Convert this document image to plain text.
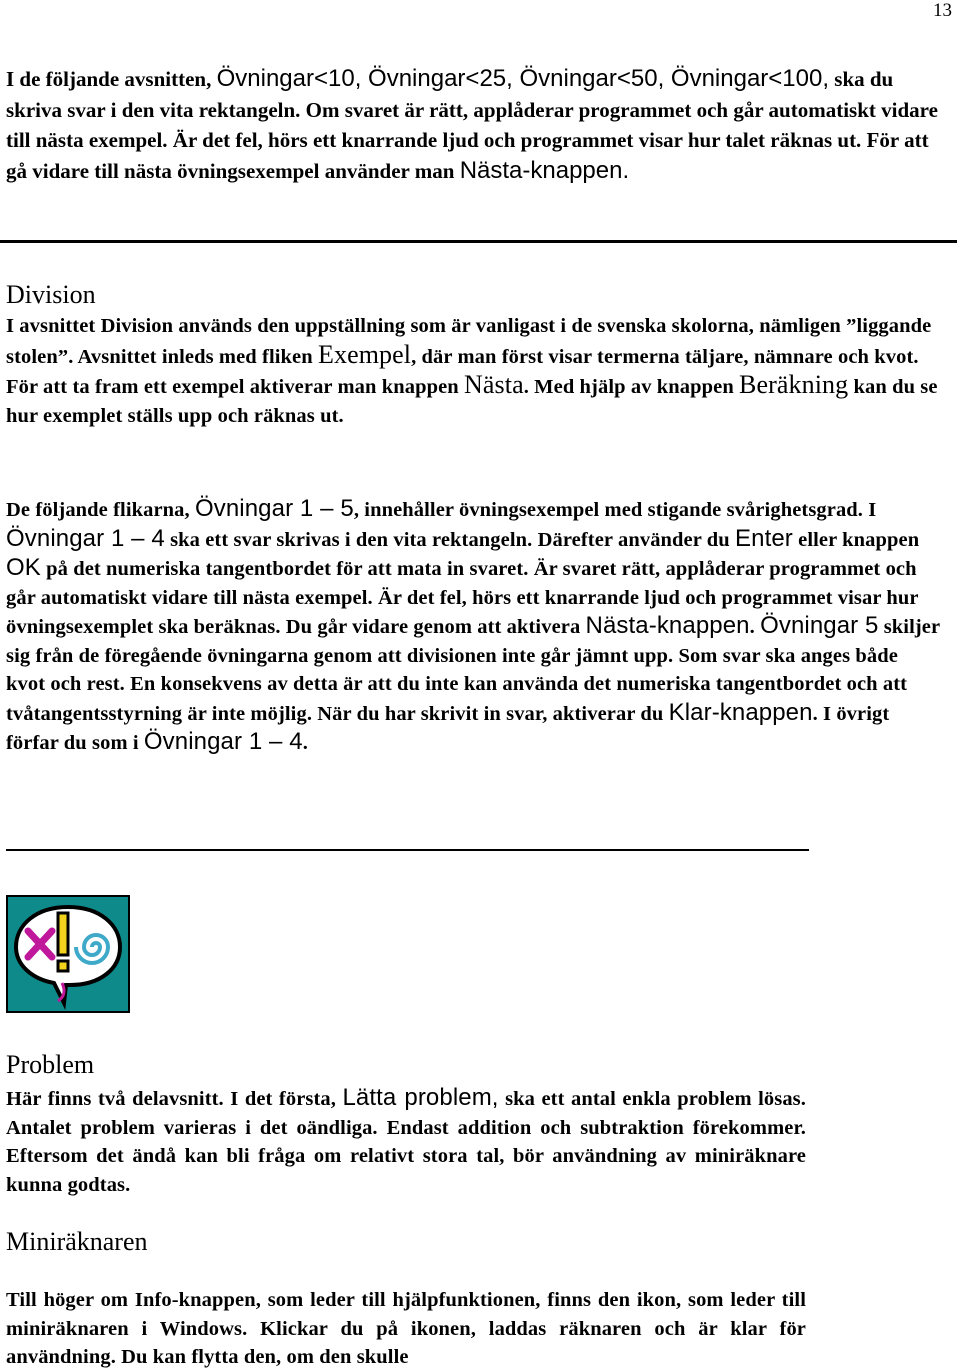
13

I de följande avsnitten, Övningar<10, Övningar<25, Övningar<50, Övningar<100, ska du skriva svar i den vita rektangeln. Om svaret är rätt, applåderar programmet och går automatiskt vidare till nästa exempel. Är det fel, hörs ett knarrande ljud och programmet visar hur talet räknas ut. För att gå vidare till nästa övningsexempel använder man Nästa-knappen.

Division

I avsnittet Division används den uppställning som är vanligast i de svenska skolorna, nämligen ”liggande stolen”. Avsnittet inleds med fliken Exempel, där man först visar termerna täljare, nämnare och kvot. För att ta fram ett exempel aktiverar man knappen Nästa. Med hjälp av knappen Beräkning kan du se hur exemplet ställs upp och räknas ut.

De följande flikarna, Övningar 1 – 5, innehåller övningsexempel med stigande svårighetsgrad. I Övningar 1 – 4 ska ett svar skrivas i den vita rektangeln. Därefter använder du Enter eller knappen OK på det numeriska tangentbordet för att mata in svaret. Är svaret rätt, applåderar programmet och går automatiskt vidare till nästa exempel. Är det fel, hörs ett knarrande ljud och programmet visar hur övningsexemplet ska beräknas. Du går vidare genom att aktivera Nästa-knappen. Övningar 5 skiljer sig från de föregående övningarna genom att divisionen inte går jämnt upp. Som svar ska anges både kvot och rest. En konsekvens av detta är att du inte kan använda det numeriska tangentbordet och att tvåtangentsstyrning är inte möjlig. När du har skrivit in svar, aktiverar du Klar-knappen. I övrigt förfar du som i Övningar 1 – 4.

Problem

Här finns två delavsnitt. I det första, Lätta problem, ska ett antal enkla problem lösas. Antalet problem varieras i det oändliga. Endast addition och subtraktion förekommer. Eftersom det ändå kan bli fråga om relativt stora tal, bör användning av miniräknare kunna godtas.

Miniräknaren

Till höger om Info-knappen, som leder till hjälpfunktionen, finns den ikon, som leder till miniräknaren i Windows. Klickar du på ikonen, laddas räknaren och är klar för användning. Du kan flytta den, om den skulle
